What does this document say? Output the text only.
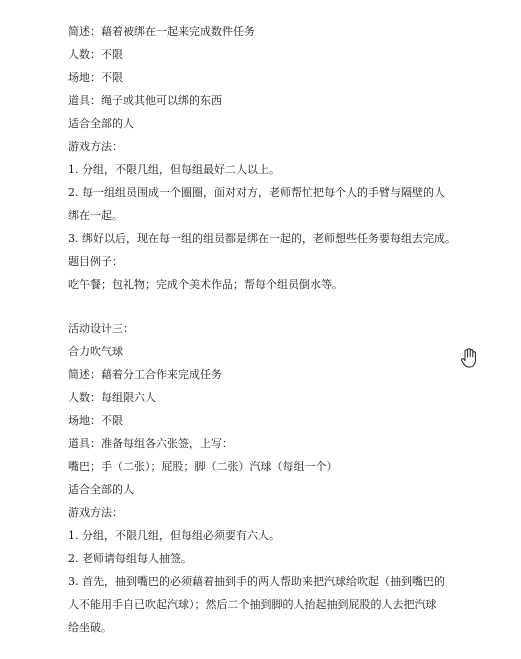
简述：藉着被绑在一起来完成数件任务
人数：不限
场地：不限
道具：绳子或其他可以绑的东西
适合全部的人
游戏方法：
1. 分组，不限几组，但每组最好二人以上。
2. 每一组组员围成一个圈圈，面对对方，老师帮忙把每个人的手臂与隔壁的人
绑在一起。
3. 绑好以后，现在每一组的组员都是绑在一起的，老师想些任务要每组去完成。
题目例子：
吃午餐；包礼物；完成个美术作品；帮每个组员倒水等。
活动设计三：
合力吹气球
简述：藉着分工合作来完成任务
人数：每组限六人
场地：不限
道具：准备每组各六张签，上写：
嘴巴；手（二张）；屁股；脚（二张）汽球（每组一个）
适合全部的人
游戏方法：
1. 分组，不限几组，但每组必须要有六人。
2. 老师请每组每人抽签。
3. 首先，抽到嘴巴的必须藉着抽到手的两人帮助来把汽球给吹起（抽到嘴巴的
人不能用手自已吹起汽球）；然后二个抽到脚的人抬起抽到屁股的人去把汽球
给坐破。
